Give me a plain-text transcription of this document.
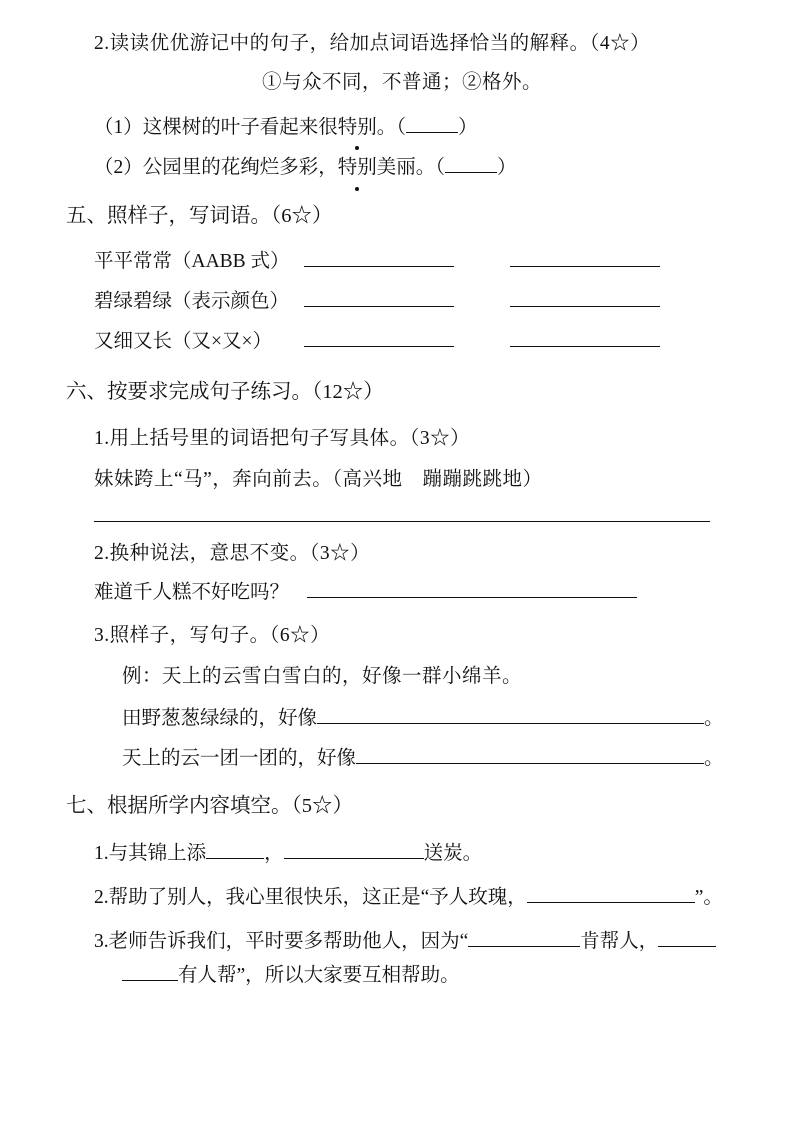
2.读读优优游记中的句子，给加点词语选择恰当的解释。（4☆）
①与众不同，不普通；②格外。
（1）这棵树的叶子看起来很 特别 。（	）
（2）公园里的花绚烂多彩， 特别 美丽。（	）
五、照样子，写词语。（6☆）
平平常常（AABB 式）
碧绿碧绿（表示颜色）
又细又长（又×又×）
六、按要求完成句子练习。（12☆）
1.用上括号里的词语把句子写具体。（3☆）
妹妹跨上“马”，奔向前去。（高兴地　蹦蹦跳跳地）
2.换种说法，意思不变。（3☆）
难道千人糕不好吃吗？
3.照样子，写句子。（6☆）
例：天上的云雪白雪白的，好像一群小绵羊。
田野葱葱绿绿的，好像	。
天上的云一团一团的，好像	。
七、根据所学内容填空。（5☆）
1.与其锦上添	，	送炭。
2.帮助了别人，我心里很快乐，这正是“予人玫瑰，	”。
3.老师告诉我们，平时要多帮助他人，因为“	肯帮人，
有人帮”，所以大家要互相帮助。
